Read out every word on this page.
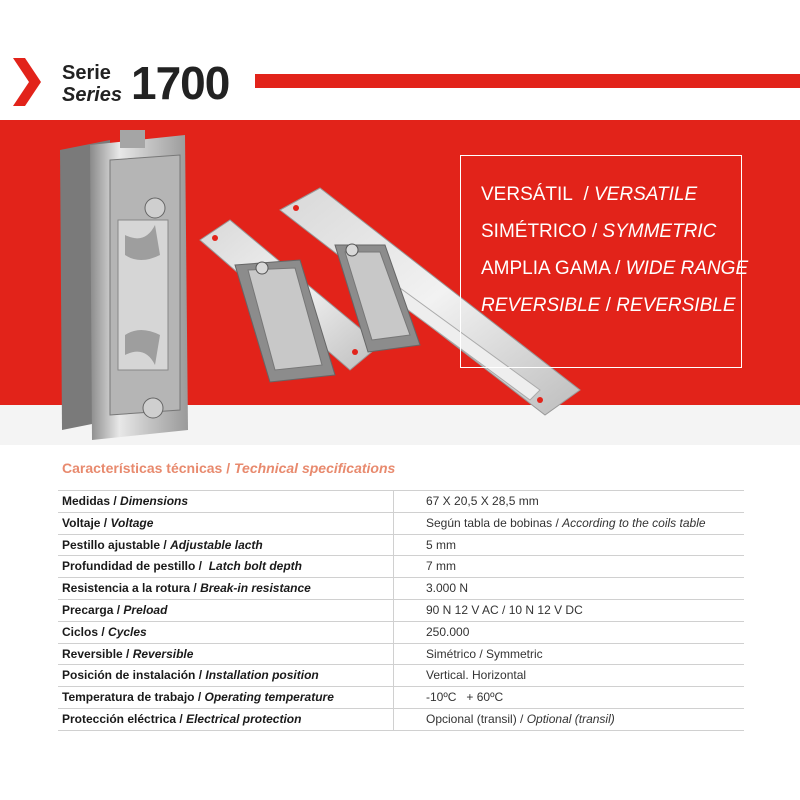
Serie
Series 1700
VERSÁTIL / VERSATILE
SIMÉTRICO / SYMMETRIC
AMPLIA GAMA / WIDE RANGE
REVERSIBLE / REVERSIBLE
Características técnicas / Technical specifications
Medidas / Dimensions	67 X 20,5 X 28,5 mm
Voltaje / Voltage	Según tabla de bobinas / According to the coils table
Pestillo ajustable / Adjustable lacth	5 mm
Profundidad de pestillo /  Latch bolt depth	7 mm
Resistencia a la rotura / Break-in resistance	3.000 N
Precarga / Preload	90 N 12 V AC / 10 N 12 V DC
Ciclos / Cycles	250.000
Reversible / Reversible	Simétrico / Symmetric
Posición de instalación / Installation position	Vertical. Horizontal
Temperatura de trabajo / Operating temperature	-10ºC   + 60ºC
Protección eléctrica / Electrical protection	Opcional (transil) / Optional (transil)
